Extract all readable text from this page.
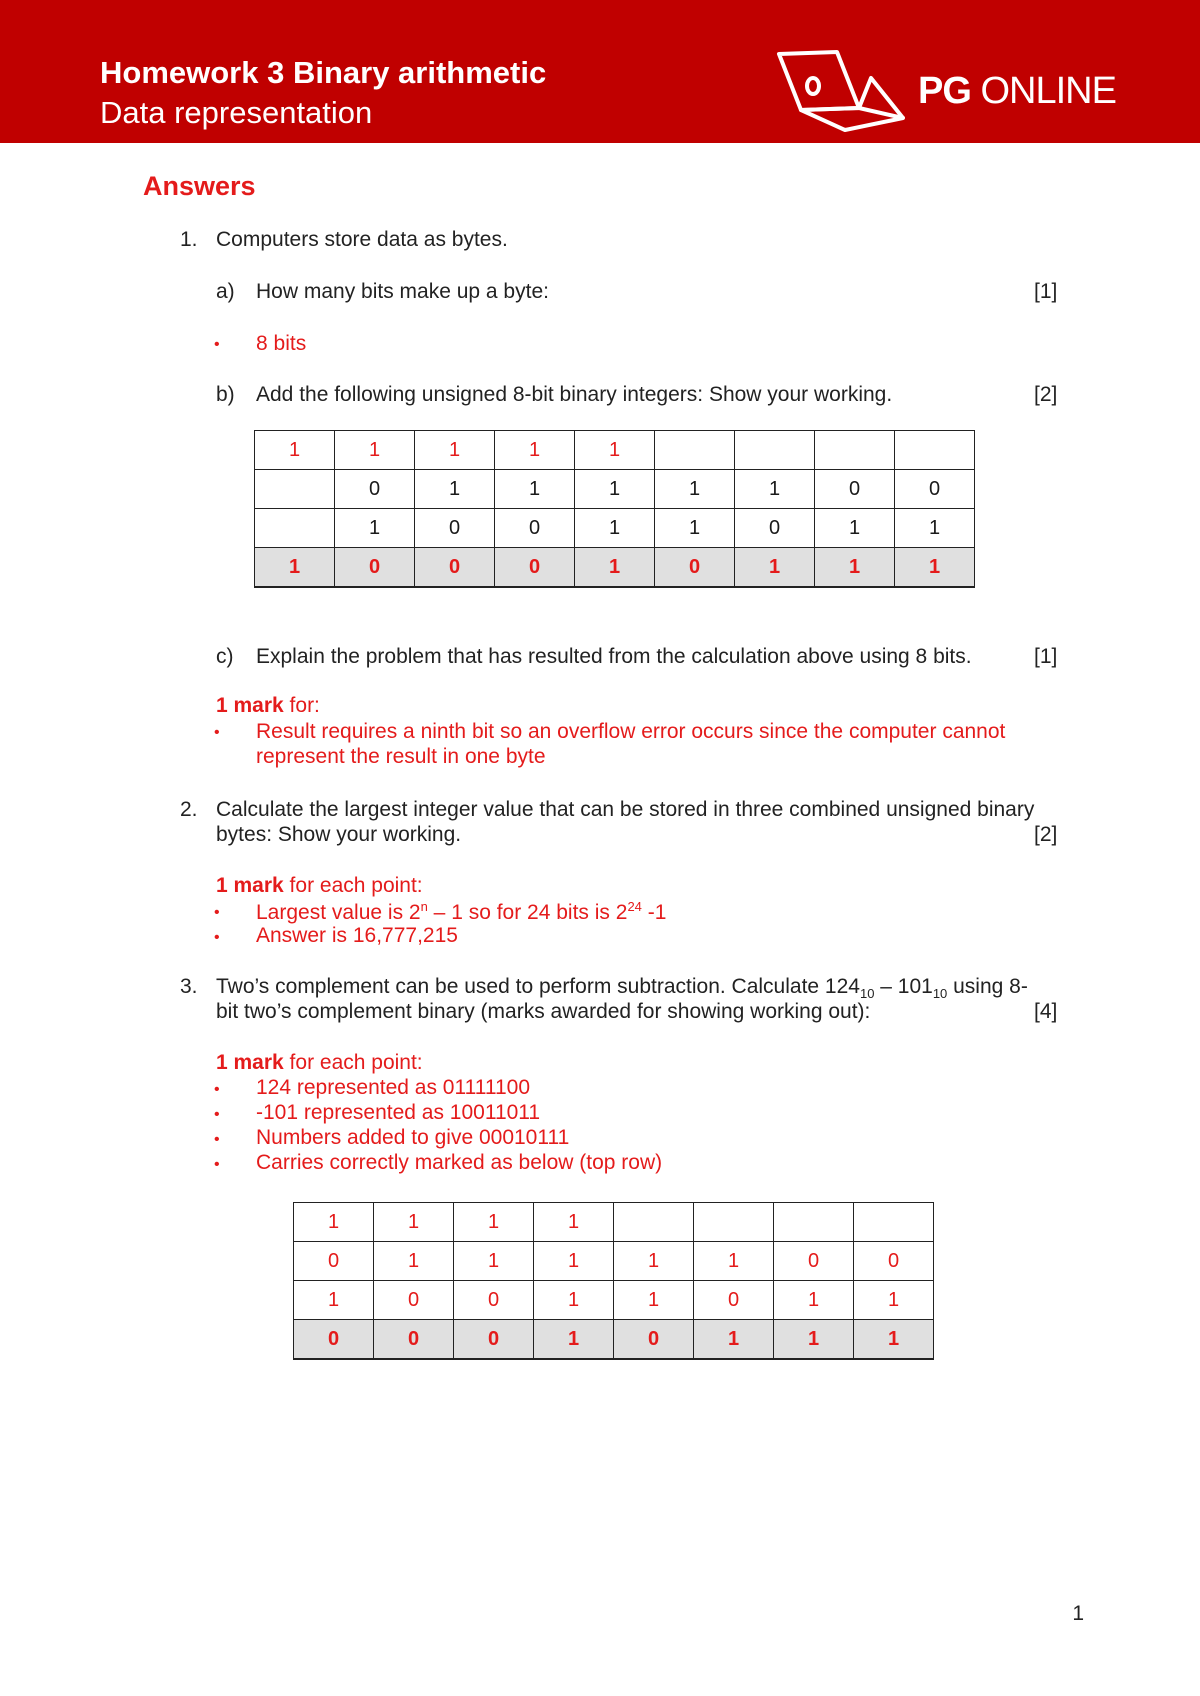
Homework 3 Binary arithmetic
Data representation
PG ONLINE
Answers
1. Computers store data as bytes.
a) How many bits make up a byte:	[1]
• 8 bits
b) Add the following unsigned 8-bit binary integers: Show your working.	[2]
1	1	1	1	1				
	0	1	1	1	1	1	0	0
	1	0	0	1	1	0	1	1
1	0	0	0	1	0	1	1	1
c) Explain the problem that has resulted from the calculation above using 8 bits.	[1]
1 mark for:
• Result requires a ninth bit so an overflow error occurs since the computer cannot
represent the result in one byte
2. Calculate the largest integer value that can be stored in three combined unsigned binary
bytes: Show your working.	[2]
1 mark for each point:
• Largest value is 2$^n$ – 1 so for 24 bits is $2^{24}$ -1
• Answer is 16,777,215
3. Two’s complement can be used to perform subtraction. Calculate $124_{10} - 101_{10}$ using 8-
bit two’s complement binary (marks awarded for showing working out):	[4]
1 mark for each point:
• 124 represented as 01111100
• -101 represented as 10011011
• Numbers added to give 00010111
• Carries correctly marked as below (top row)
1	1	1	1				
0	1	1	1	1	1	0	0
1	0	0	1	1	0	1	1
0	0	0	1	0	1	1	1
1
